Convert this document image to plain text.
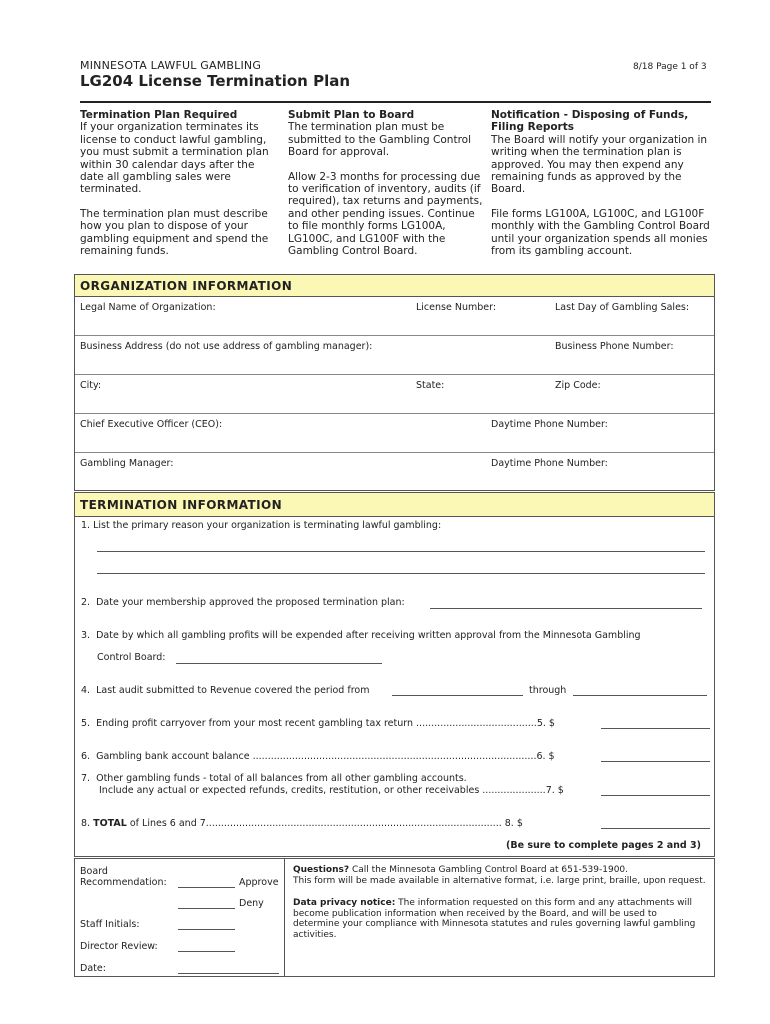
MINNESOTA LAWFUL GAMBLING	8/18 Page 1 of 3
LG204 License Termination Plan
Termination Plan Required

If your organization terminates its license to conduct lawful gambling, you must submit a termination plan within 30 calendar days after the date all gambling sales were terminated.

The termination plan must describe how you plan to dispose of your gambling equipment and spend the remaining funds.

Submit Plan to Board

The termination plan must be submitted to the Gambling Control Board for approval.

Allow 2-3 months for processing due to verification of inventory, audits (if required), tax returns and payments, and other pending issues. Continue to file monthly forms LG100A, LG100C, and LG100F with the Gambling Control Board.

Notification - Disposing of Funds, Filing Reports

The Board will notify your organization in writing when the termination plan is approved. You may then expend any remaining funds as approved by the Board.

File forms LG100A, LG100C, and LG100F monthly with the Gambling Control Board until your organization spends all monies from its gambling account.

ORGANIZATION INFORMATION
Legal Name of Organization:	License Number:	Last Day of Gambling Sales:
Business Address (do not use address of gambling manager):	Business Phone Number:
City:	State:	Zip Code:
Chief Executive Officer (CEO):	Daytime Phone Number:
Gambling Manager:	Daytime Phone Number:
TERMINATION INFORMATION
1. List the primary reason your organization is terminating lawful gambling:
2.  Date your membership approved the proposed termination plan:
3.  Date by which all gambling profits will be expended after receiving written approval from the Minnesota Gambling
Control Board:
4.  Last audit submitted to Revenue covered the period from	through
5.  Ending profit carryover from your most recent gambling tax return ........................................5. $
6.  Gambling bank account balance ..............................................................................................6. $
7.  Other gambling funds - total of all balances from all other gambling accounts.
Include any actual or expected refunds, credits, restitution, or other receivables .....................7. $
8. TOTAL of Lines 6 and 7.................................................................................................. 8. $
(Be sure to complete pages 2 and 3)
Board
Recommendation:	Approve
Deny
Staff Initials:
Director Review:
Date:
Questions? Call the Minnesota Gambling Control Board at 651-539-1900.
This form will be made available in alternative format, i.e. large print, braille, upon request.
Data privacy notice: The information requested on this form and any attachments will become publication information when received by the Board, and will be used to determine your compliance with Minnesota statutes and rules governing lawful gambling activities.
